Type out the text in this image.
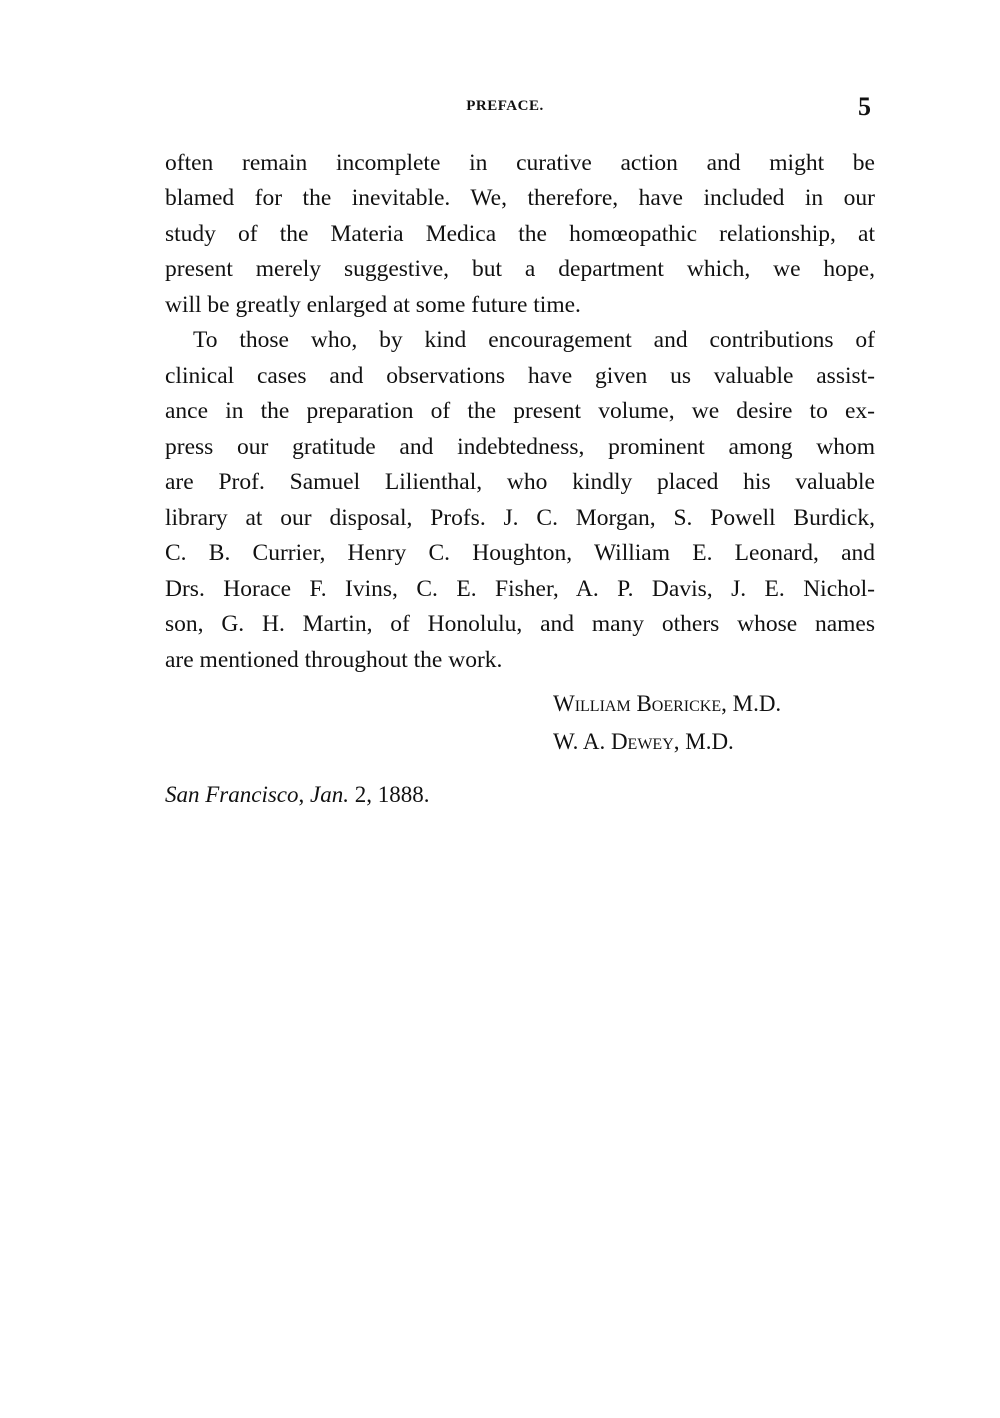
PREFACE.	5
often remain incomplete in curative action and might be
blamed for the inevitable. We, therefore, have included in our
study of the Materia Medica the homœopathic relationship, at
present merely suggestive, but a department which, we hope,
will be greatly enlarged at some future time.
To those who, by kind encouragement and contributions of
clinical cases and observations have given us valuable assist-
ance in the preparation of the present volume, we desire to ex-
press our gratitude and indebtedness, prominent among whom
are Prof. Samuel Lilienthal, who kindly placed his valuable
library at our disposal, Profs. J. C. Morgan, S. Powell Burdick,
C. B. Currier, Henry C. Houghton, William E. Leonard, and
Drs. Horace F. Ivins, C. E. Fisher, A. P. Davis, J. E. Nichol-
son, G. H. Martin, of Honolulu, and many others whose names
are mentioned throughout the work.
William Boericke, M.D.
W. A. Dewey, M.D.
San Francisco, Jan. 2, 1888.
